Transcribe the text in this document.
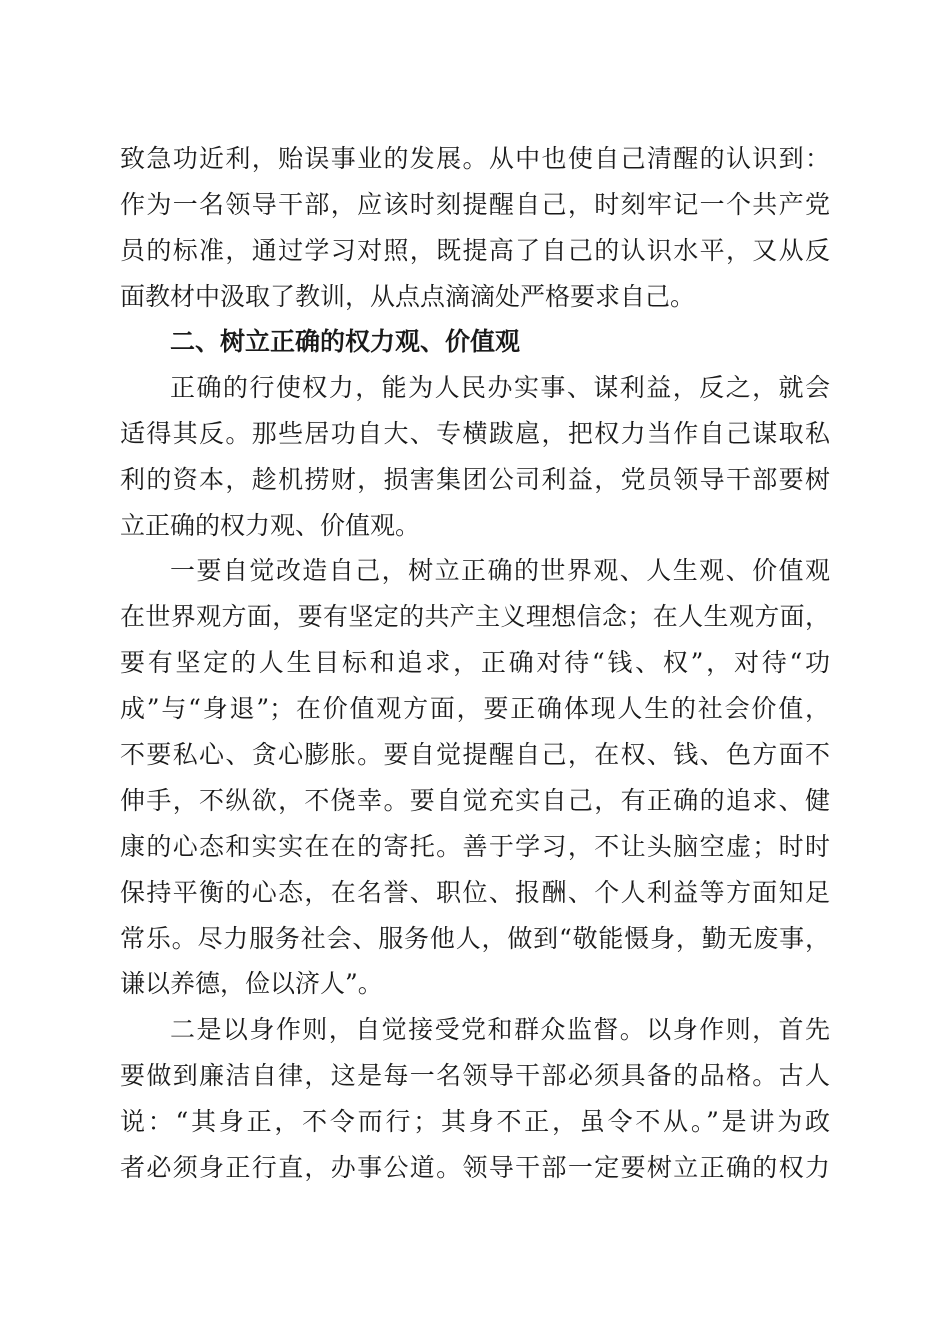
致急功近利，贻误事业的发展。从中也使自己清醒的认识到：
作为一名领导干部，应该时刻提醒自己，时刻牢记一个共产党
员的标准，通过学习对照，既提高了自己的认识水平，又从反
面教材中汲取了教训，从点点滴滴处严格要求自己。
二、树立正确的权力观、价值观
正确的行使权力，能为人民办实事、谋利益，反之，就会
适得其反。那些居功自大、专横跋扈，把权力当作自己谋取私
利的资本，趁机捞财，损害集团公司利益，党员领导干部要树
立正确的权力观、价值观。
一要自觉改造自己，树立正确的世界观、人生观、价值观
在世界观方面，要有坚定的共产主义理想信念；在人生观方面，
要有坚定的人生目标和追求，正确对待“钱、权”，对待“功
成”与“身退”；在价值观方面，要正确体现人生的社会价值，
不要私心、贪心膨胀。要自觉提醒自己，在权、钱、色方面不
伸手，不纵欲，不侥幸。要自觉充实自己，有正确的追求、健
康的心态和实实在在的寄托。善于学习，不让头脑空虚；时时
保持平衡的心态，在名誉、职位、报酬、个人利益等方面知足
常乐。尽力服务社会、服务他人，做到“敬能慑身，勤无废事，
谦以养德，俭以济人”。
二是以身作则，自觉接受党和群众监督。以身作则，首先
要做到廉洁自律，这是每一名领导干部必须具备的品格。古人
说：“其身正，不令而行；其身不正，虽令不从。”是讲为政
者必须身正行直，办事公道。领导干部一定要树立正确的权力
